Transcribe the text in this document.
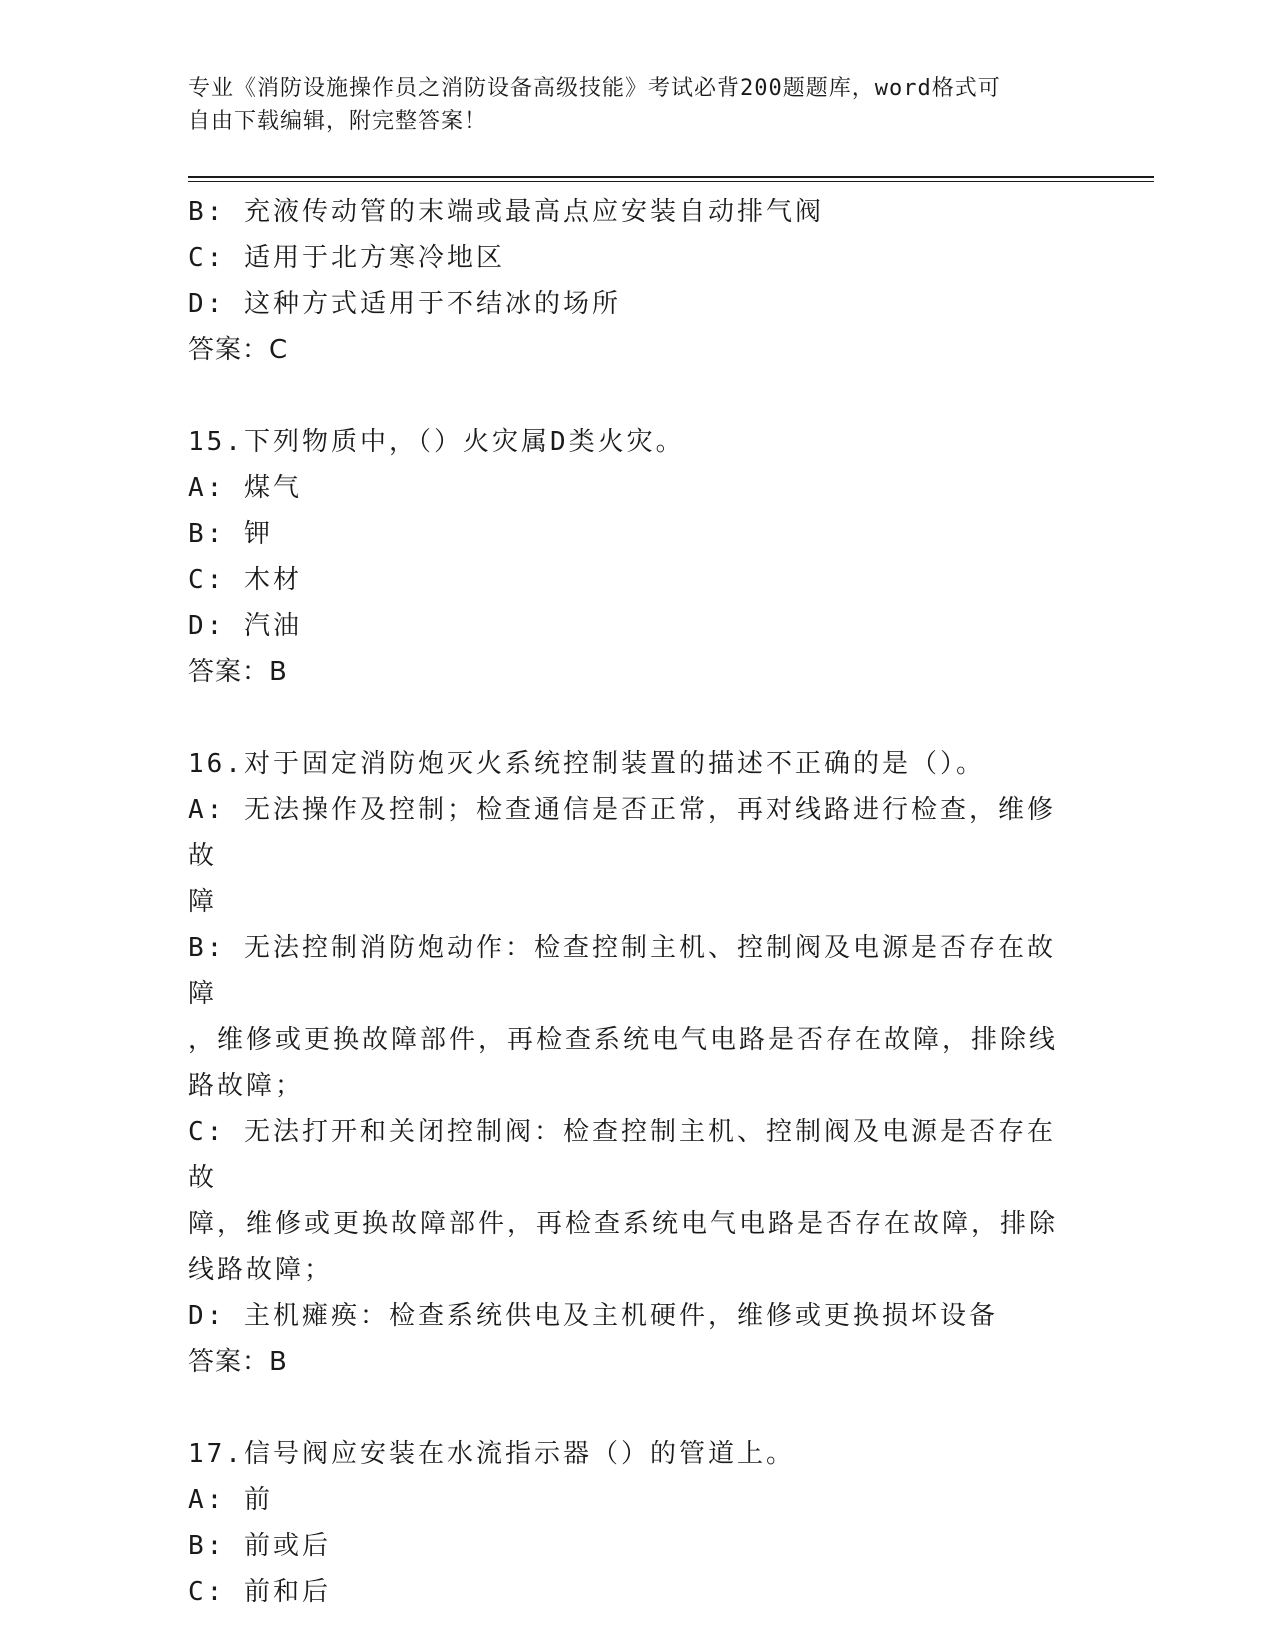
专业《消防设施操作员之消防设备高级技能》考试必背200题题库，word格式可
自由下载编辑，附完整答案！
B: 充液传动管的末端或最高点应安装自动排气阀
C: 适用于北方寒冷地区
D: 这种方式适用于不结冰的场所
答案：C
15.下列物质中，（）火灾属D类火灾。
A: 煤气
B: 钾
C: 木材
D: 汽油
答案：B
16.对于固定消防炮灭火系统控制装置的描述不正确的是（）。
A: 无法操作及控制；检查通信是否正常，再对线路进行检查，维修故
障
B: 无法控制消防炮动作：检查控制主机、控制阀及电源是否存在故障
，维修或更换故障部件，再检查系统电气电路是否存在故障，排除线
路故障；
C: 无法打开和关闭控制阀：检查控制主机、控制阀及电源是否存在故
障，维修或更换故障部件，再检查系统电气电路是否存在故障，排除
线路故障；
D: 主机瘫痪：检查系统供电及主机硬件，维修或更换损坏设备
答案：B
17.信号阀应安装在水流指示器（）的管道上。
A: 前
B: 前或后
C: 前和后
